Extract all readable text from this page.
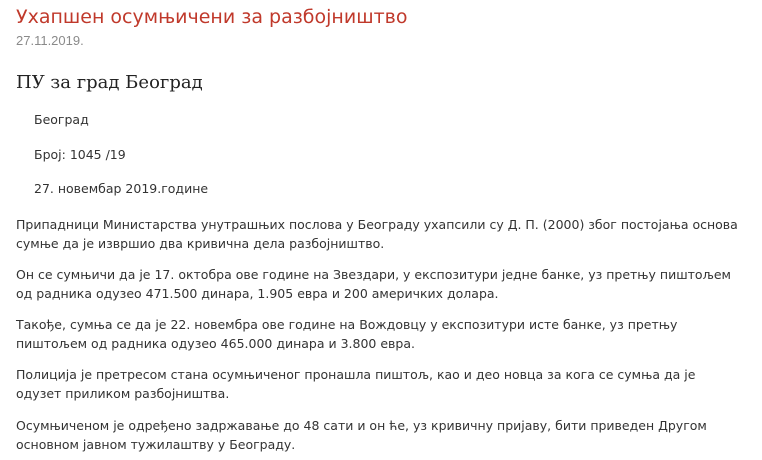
Ухапшен осумњичени за разбојништво
27.11.2019.
ПУ за град Београд
Београд
Број: 1045 /19
27. новембар 2019.године

Припадници Министарства унутрашњих послова у Београду ухапсили су Д. П. (2000) због постојања основа сумње да је извршио два кривична дела разбојништво.

Он се сумњичи да је 17. октобра ове године на Звездари, у експозитури једне банке, уз претњу пиштољем од радника одузео 471.500 динара, 1.905 евра и 200 америчких долара.

Такође, сумња се да је 22. новембра ове године на Вождовцу у експозитури исте банке, уз претњу пиштољем од радника одузео 465.000 динара и 3.800 евра.

Полиција је претресом стана осумњиченог пронашла пиштољ, као и део новца за кога се сумња да је одузет приликом разбојништва.

Осумњиченом је одређено задржавање до 48 сати и он ће, уз кривичну пријаву, бити приведен Другом основном јавном тужилаштву у Београду.
